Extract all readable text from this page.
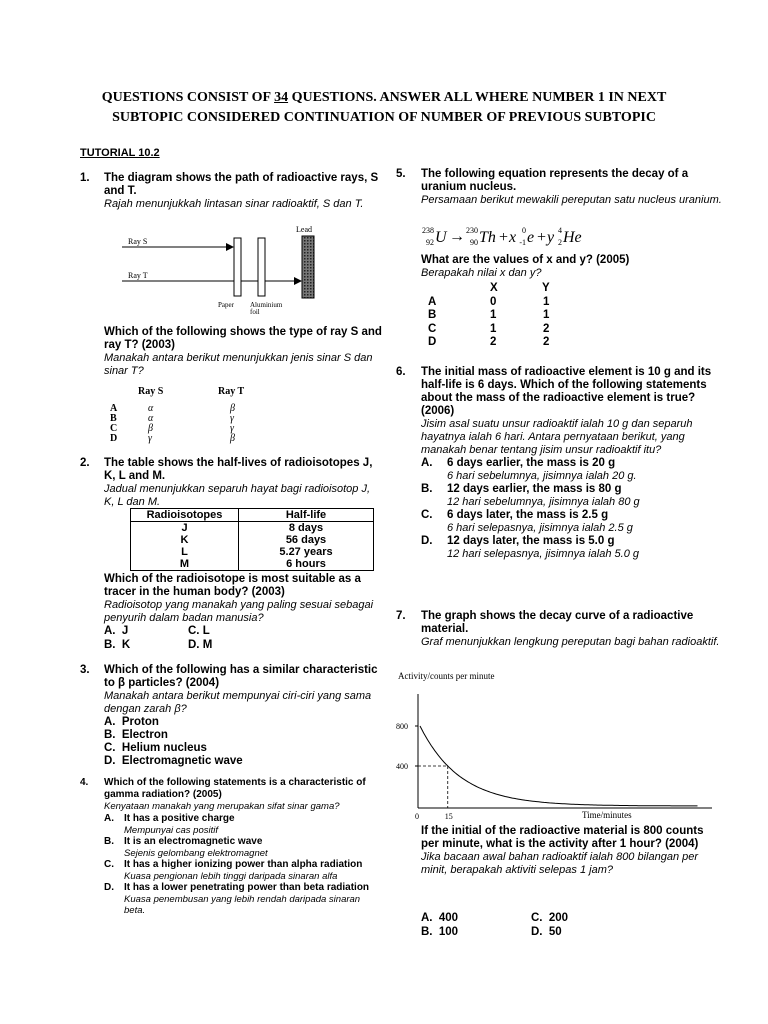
QUESTIONS CONSIST OF 34 QUESTIONS. ANSWER ALL WHERE NUMBER 1 IN NEXT
SUBTOPIC CONSIDERED CONTINUATION OF NUMBER OF PREVIOUS SUBTOPIC
TUTORIAL 10.2
1. The diagram shows the path of radioactive rays, S and T.
Rajah menunjukkah lintasan sinar radioaktif, S dan T.
Ray S
Ray T
Lead
Paper Aluminium
foil
Which of the following shows the type of ray S and ray T? (2003)
Manakah antara berikut menunjukkan jenis sinar S dan sinar T?
Ray S	Ray T
A	α	β
B	α	γ
C	β	γ
D	γ	β
2. The table shows the half-lives of radioisotopes J, K, L and M.
Jadual menunjukkan separuh hayat bagi radioisotop J, K, L dan M.
Radioisotopes	Half-life
J	8 days
K	56 days
L	5.27 years
M	6 hours
Which of the radioisotope is most suitable as a tracer in the human body? (2003)
Radioisotop yang manakah yang paling sesuai sebagai penyurih dalam badan manusia?
A. J	C. L
B. K	D. M
3. Which of the following has a similar characteristic to β particles? (2004)
Manakah antara berikut mempunyai ciri-ciri yang sama dengan zarah β?
A. Proton
B. Electron
C. Helium nucleus
D. Electromagnetic wave
4. Which of the following statements is a characteristic of gamma radiation? (2005)
Kenyataan manakah yang merupakan sifat sinar gama?
A. It has a positive charge
Mempunyai cas positif
B. It is an electromagnetic wave
Sejenis gelombang elektromagnet
C. It has a higher ionizing power than alpha radiation
Kuasa pengionan lebih tinggi daripada sinaran alfa
D. It has a lower penetrating power than beta radiation
Kuasa penembusan yang lebih rendah daripada sinaran beta.
5. The following equation represents the decay of a uranium nucleus.
Persamaan berikut mewakili pereputan satu nucleus uranium.
238
92 U → 230
90 Th + x 0
-1 e + y 4
2 He
What are the values of x and y? (2005)
Berapakah nilai x dan y?
X	Y
A	0	1
B	1	1
C	1	2
D	2	2
6. The initial mass of radioactive element is 10 g and its half-life is 6 days. Which of the following statements about the mass of the radioactive element is true? (2006)
Jisim asal suatu unsur radioaktif ialah 10 g dan separuh hayatnya ialah 6 hari. Antara pernyataan berikut, yang manakah benar tentang jisim unsur radioaktif itu?
A. 6 days earlier, the mass is 20 g
6 hari sebelumnya, jisimnya ialah 20 g.
B. 12 days earlier, the mass is 80 g
12 hari sebelumnya, jisimnya ialah 80 g
C. 6 days later, the mass is 2.5 g
6 hari selepasnya, jisimnya ialah 2.5 g
D. 12 days later, the mass is 5.0 g
12 hari selepasnya, jisimnya ialah 5.0 g
7. The graph shows the decay curve of a radioactive material.
Graf menunjukkan lengkung pereputan bagi bahan radioaktif.
Activity/counts per minute
Time/minutes
800
400
0	15
If the initial of the radioactive material is 800 counts per minute, what is the activity after 1 hour? (2004)
Jika bacaan awal bahan radioaktif ialah 800 bilangan per minit, berapakah aktiviti selepas 1 jam?
A. 400	C. 200
B. 100	D. 50
